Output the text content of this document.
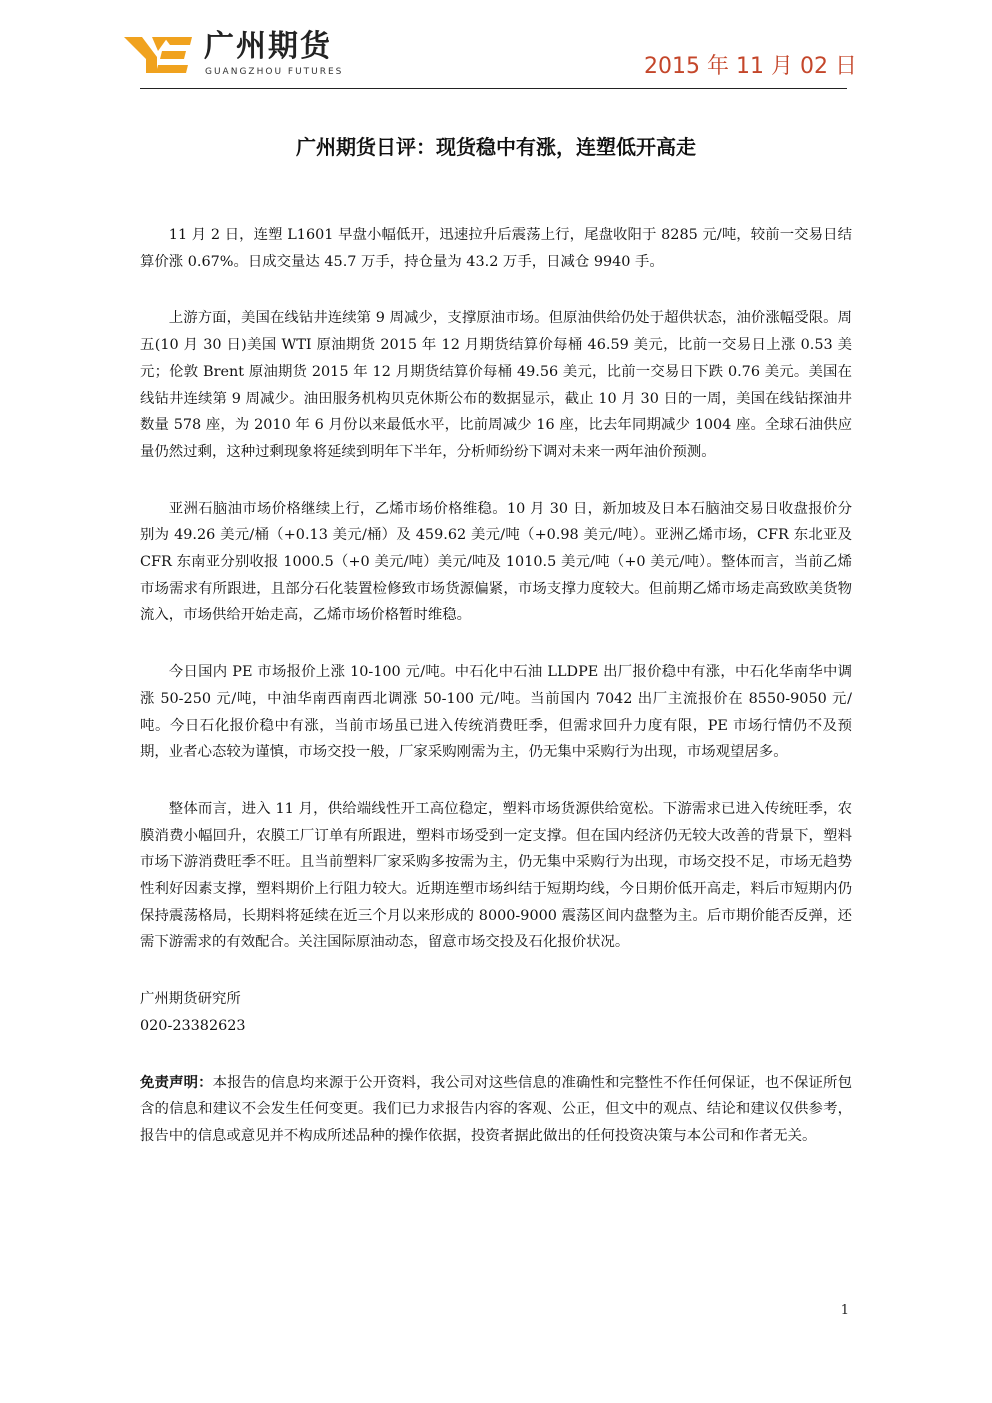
广州期货
GUANGZHOU FUTURES	2015 年 11 月 02 日
广州期货日评：现货稳中有涨，连塑低开高走

11 月 2 日，连塑 L1601 早盘小幅低开，迅速拉升后震荡上行，尾盘收阳于 8285 元/吨，较前一交易日结算价涨 0.67%。日成交量达 45.7 万手，持仓量为 43.2 万手，日减仓 9940 手。

上游方面，美国在线钻井连续第 9 周减少，支撑原油市场。但原油供给仍处于超供状态，油价涨幅受限。周五(10 月 30 日)美国 WTI 原油期货 2015 年 12 月期货结算价每桶 46.59 美元，比前一交易日上涨 0.53 美元；伦敦 Brent 原油期货 2015 年 12 月期货结算价每桶 49.56 美元，比前一交易日下跌 0.76 美元。美国在线钻井连续第 9 周减少。油田服务机构贝克休斯公布的数据显示，截止 10 月 30 日的一周，美国在线钻探油井数量 578 座，为 2010 年 6 月份以来最低水平，比前周减少 16 座，比去年同期减少 1004 座。全球石油供应量仍然过剩，这种过剩现象将延续到明年下半年，分析师纷纷下调对未来一两年油价预测。

亚洲石脑油市场价格继续上行，乙烯市场价格维稳。10 月 30 日，新加坡及日本石脑油交易日收盘报价分别为 49.26 美元/桶（+0.13 美元/桶）及 459.62 美元/吨（+0.98 美元/吨）。亚洲乙烯市场，CFR 东北亚及 CFR 东南亚分别收报 1000.5（+0 美元/吨）美元/吨及 1010.5 美元/吨（+0 美元/吨）。整体而言，当前乙烯市场需求有所跟进，且部分石化装置检修致市场货源偏紧，市场支撑力度较大。但前期乙烯市场走高致欧美货物流入，市场供给开始走高，乙烯市场价格暂时维稳。

今日国内 PE 市场报价上涨 10-100 元/吨。中石化中石油 LLDPE 出厂报价稳中有涨，中石化华南华中调涨 50-250 元/吨，中油华南西南西北调涨 50-100 元/吨。当前国内 7042 出厂主流报价在 8550-9050 元/吨。今日石化报价稳中有涨，当前市场虽已进入传统消费旺季，但需求回升力度有限，PE 市场行情仍不及预期，业者心态较为谨慎，市场交投一般，厂家采购刚需为主，仍无集中采购行为出现，市场观望居多。

整体而言，进入 11 月，供给端线性开工高位稳定，塑料市场货源供给宽松。下游需求已进入传统旺季，农膜消费小幅回升，农膜工厂订单有所跟进，塑料市场受到一定支撑。但在国内经济仍无较大改善的背景下，塑料市场下游消费旺季不旺。且当前塑料厂家采购多按需为主，仍无集中采购行为出现，市场交投不足，市场无趋势性利好因素支撑，塑料期价上行阻力较大。近期连塑市场纠结于短期均线，今日期价低开高走，料后市短期内仍保持震荡格局，长期料将延续在近三个月以来形成的 8000-9000 震荡区间内盘整为主。后市期价能否反弹，还需下游需求的有效配合。关注国际原油动态，留意市场交投及石化报价状况。

广州期货研究所
020-23382623
免责声明：本报告的信息均来源于公开资料，我公司对这些信息的准确性和完整性不作任何保证，也不保证所包含的信息和建议不会发生任何变更。我们已力求报告内容的客观、公正，但文中的观点、结论和建议仅供参考，报告中的信息或意见并不构成所述品种的操作依据，投资者据此做出的任何投资决策与本公司和作者无关。
1
